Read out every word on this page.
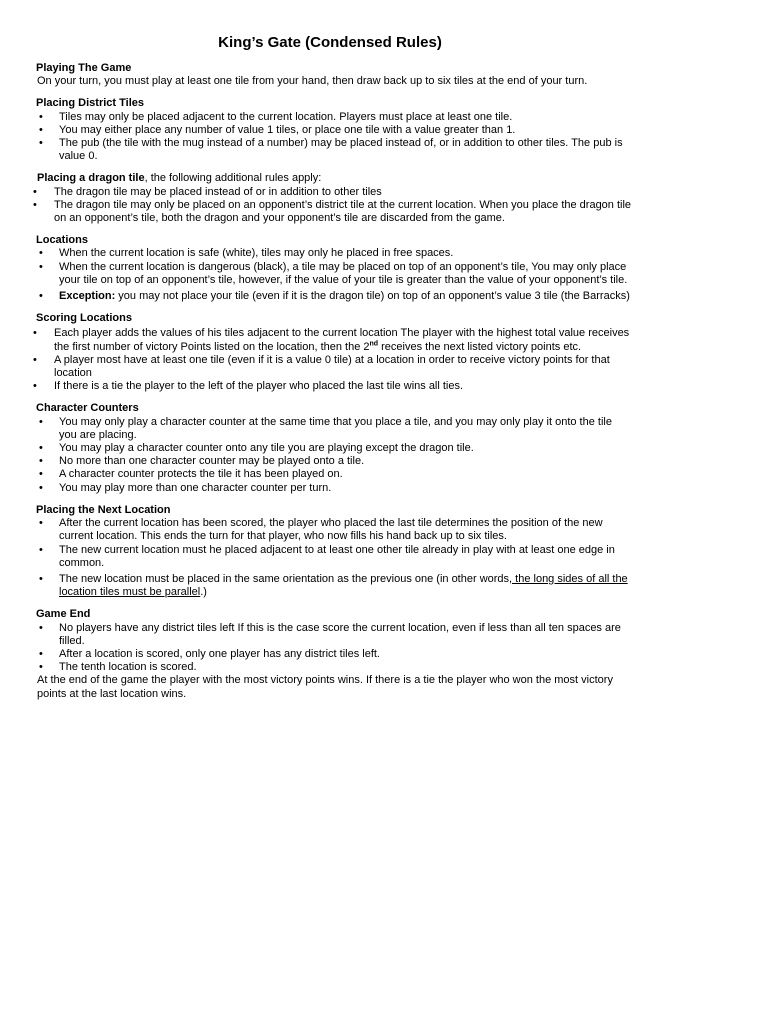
King’s Gate (Condensed Rules)
Playing The Game

On your turn, you must play at least one tile from your hand, then draw back up to six tiles at the end of your turn.

Placing District Tiles
• Tiles may only be placed adjacent to the current location. Players must place at least one tile.
• You may either place any number of value 1 tiles, or place one tile with a value greater than 1.
• The pub (the tile with the mug instead of a number) may be placed instead of, or in addition to other tiles. The pub is value 0.

Placing a dragon tile, the following additional rules apply:

• The dragon tile may be placed instead of or in addition to other tiles
• The dragon tile may only be placed on an opponent’s district tile at the current location. When you place the dragon tile on an opponent’s tile, both the dragon and your opponent’s tile are discarded from the game.
Locations
• When the current location is safe (white), tiles may only he placed in free spaces.
• When the current location is dangerous (black), a tile may be placed on top of an opponent’s tile, You may only place your tile on top of an opponent’s tile, however, if the value of your tile is greater than the value of your opponent’s tile.
• Exception: you may not place your tile (even if it is the dragon tile) on top of an opponent’s value 3 tile (the Barracks)
Scoring Locations
• Each player adds the values of his tiles adjacent to the current location The player with the highest total value receives the first number of victory Points listed on the location, then the 2nd receives the next listed victory points etc.
• A player most have at least one tile (even if it is a value 0 tile) at a location in order to receive victory points for that location
• If there is a tie the player to the left of the player who placed the last tile wins all ties.
Character Counters
• You may only play a character counter at the same time that you place a tile, and you may only play it onto the tile you are placing.
• You may play a character counter onto any tile you are playing except the dragon tile.
• No more than one character counter may be played onto a tile.
• A character counter protects the tile it has been played on.
• You may play more than one character counter per turn.
Placing the Next Location
• After the current location has been scored, the player who placed the last tile determines the position of the new current location. This ends the turn for that player, who now fills his hand back up to six tiles.
• The new current location must he placed adjacent to at least one other tile already in play with at least one edge in common.
• The new location must be placed in the same orientation as the previous one (in other words, the long sides of all the location tiles must be parallel.)
Game End
• No players have any district tiles left If this is the case score the current location, even if less than all ten spaces are filled.
• After a location is scored, only one player has any district tiles left.
• The tenth location is scored.

At the end of the game the player with the most victory points wins. If there is a tie the player who won the most victory points at the last location wins.
